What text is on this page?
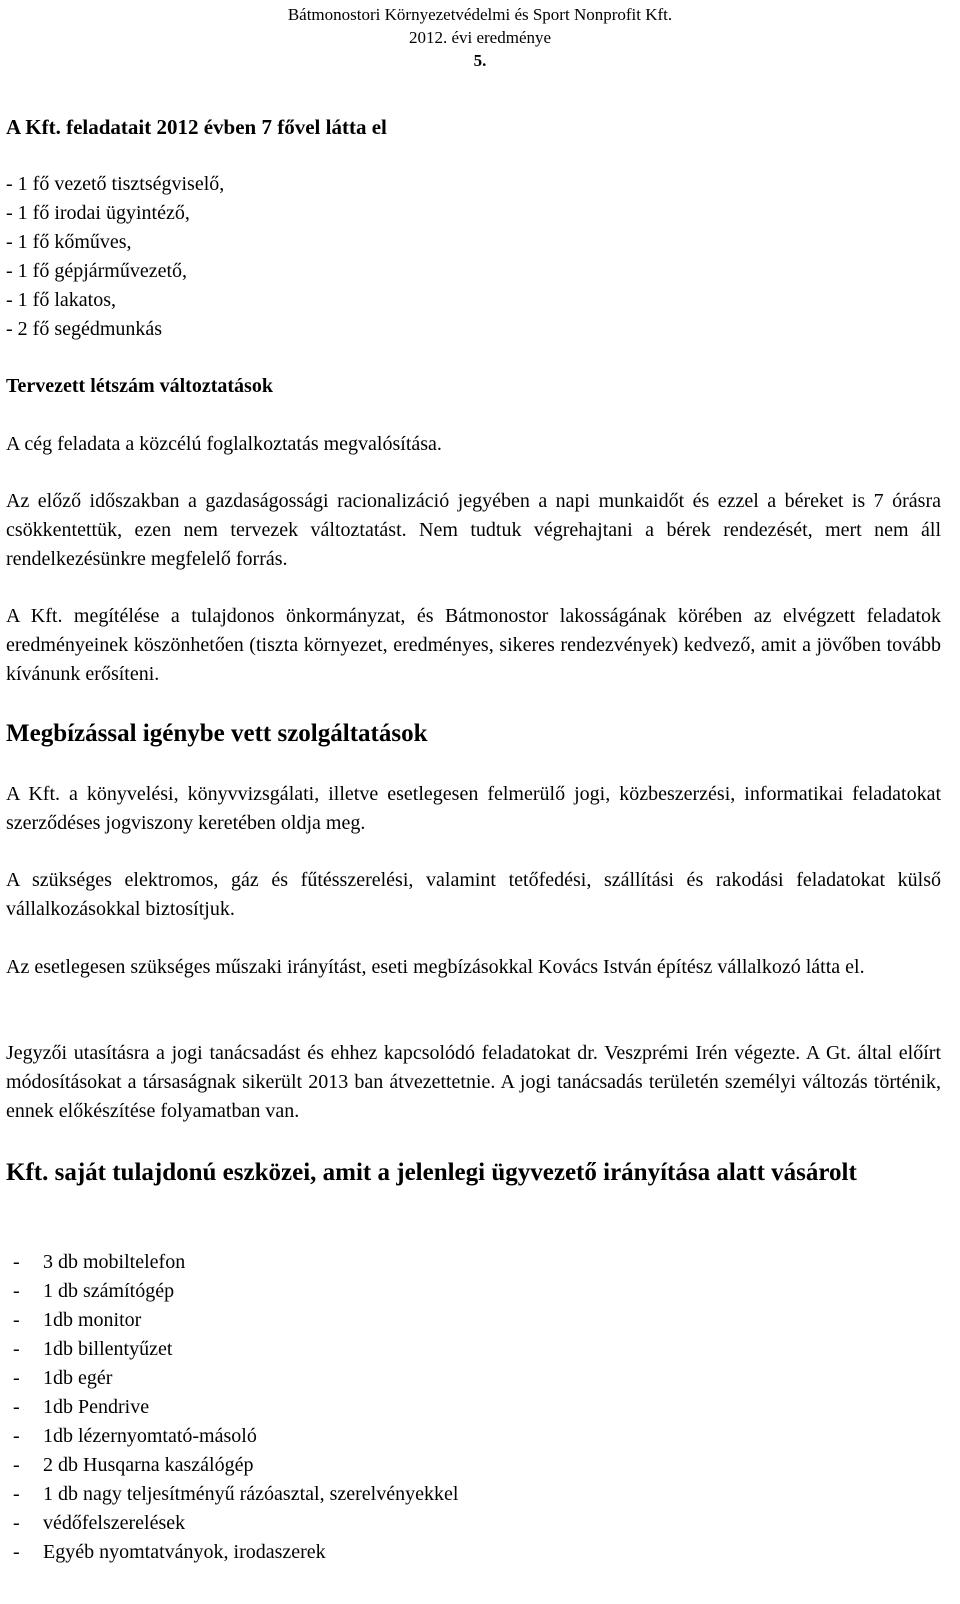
Bátmonostori Környezetvédelmi és Sport Nonprofit Kft.
2012. évi eredménye
5.
A Kft. feladatait 2012 évben 7 fővel látta el
- 1 fő vezető tisztségviselő,
- 1 fő irodai ügyintéző,
- 1 fő kőműves,
- 1 fő gépjárművezető,
- 1 fő lakatos,
- 2 fő segédmunkás
Tervezett létszám változtatások
A cég feladata a közcélú foglalkoztatás megvalósítása.
Az előző időszakban a gazdaságossági racionalizáció jegyében a napi munkaidőt és ezzel a béreket is 7 órásra csökkentettük, ezen nem tervezek változtatást. Nem tudtuk végrehajtani a bérek rendezését, mert nem áll rendelkezésünkre megfelelő forrás.
A Kft. megítélése a tulajdonos önkormányzat, és Bátmonostor lakosságának körében az elvégzett feladatok eredményeinek köszönhetően (tiszta környezet, eredményes, sikeres rendezvények) kedvező, amit a jövőben tovább kívánunk erősíteni.
Megbízással igénybe vett szolgáltatások
A Kft. a könyvelési, könyvvizsgálati, illetve esetlegesen felmerülő jogi, közbeszerzési, informatikai feladatokat szerződéses jogviszony keretében oldja meg.
A szükséges elektromos, gáz és fűtésszerelési, valamint tetőfedési, szállítási és rakodási feladatokat külső vállalkozásokkal biztosítjuk.
Az esetlegesen szükséges műszaki irányítást, eseti megbízásokkal Kovács István építész vállalkozó látta el.
Jegyzői utasításra a jogi tanácsadást és ehhez kapcsolódó feladatokat dr. Veszprémi Irén végezte. A Gt. által előírt módosításokat a társaságnak sikerült 2013 ban átvezettetnie. A jogi tanácsadás területén személyi változás történik, ennek előkészítése folyamatban van.
Kft. saját tulajdonú eszközei, amit a jelenlegi ügyvezető irányítása alatt vásárolt
-	3 db mobiltelefon
-	1 db számítógép
-	1db monitor
-	1db billentyűzet
-	1db egér
-	1db Pendrive
-	1db lézernyomtató-másoló
-	2 db Husqarna kaszálógép
-	1 db nagy teljesítményű rázóasztal, szerelvényekkel
-	védőfelszerelések
-	Egyéb nyomtatványok, irodaszerek
